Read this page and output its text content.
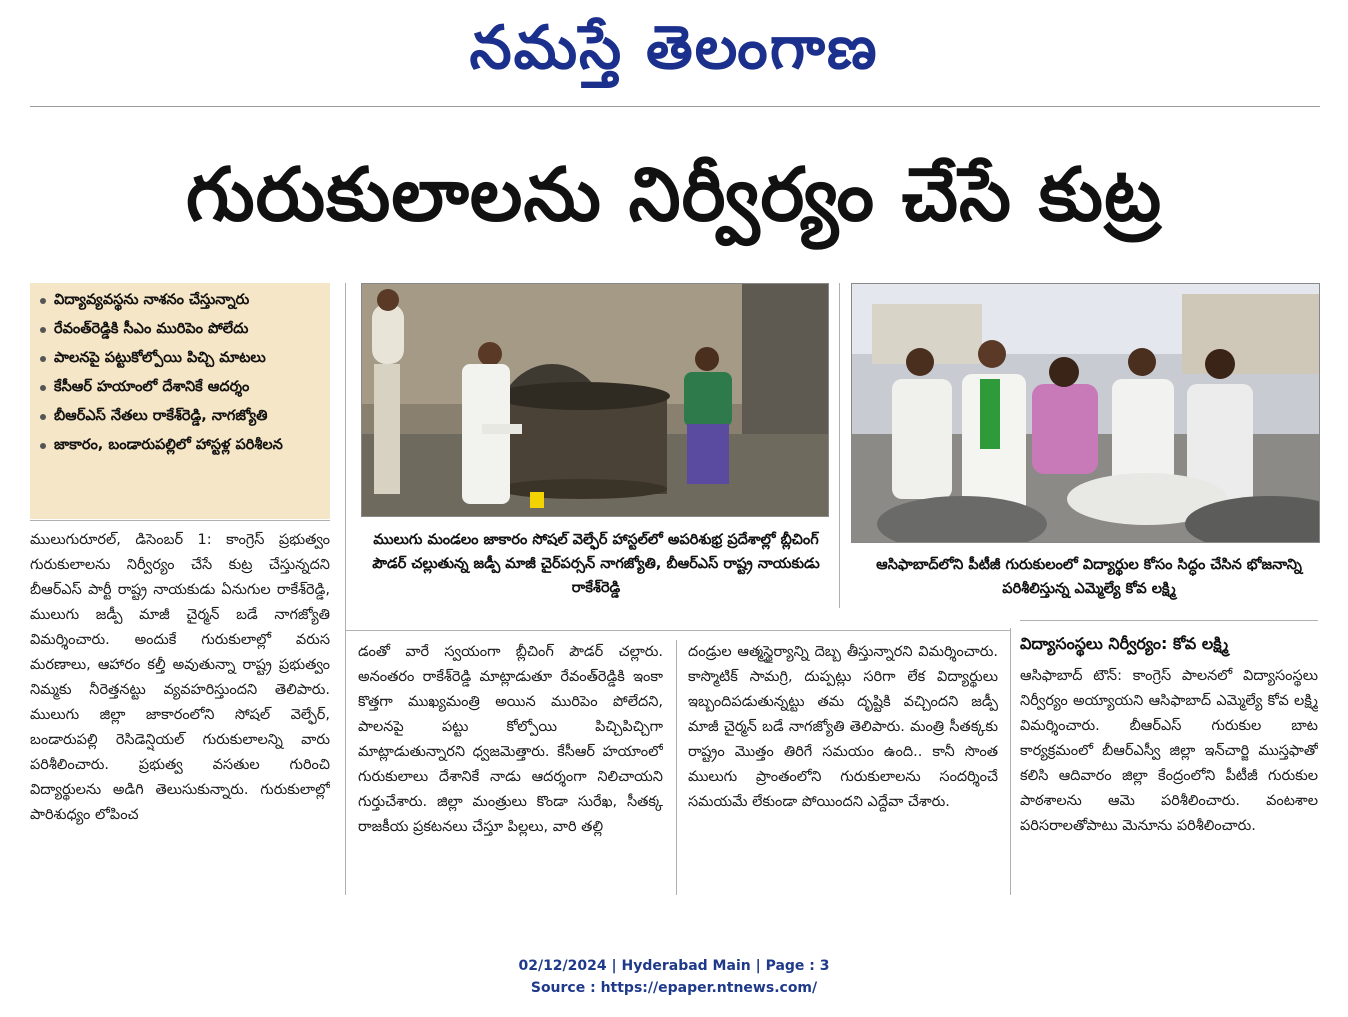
నమస్తే తెలంగాణ
గురుకులాలను నిర్వీర్యం చేసే కుట్ర
విద్యావ్యవస్థను నాశనం చేస్తున్నారు
రేవంత్‌రెడ్డికి సీఎం మురిపెం పోలేదు
పాలనపై పట్టుకోల్పోయి పిచ్చి మాటలు
కేసీఆర్‌ హయాంలో దేశానికే ఆదర్శం
బీఆర్‌ఎస్‌ నేతలు రాకేశ్‌రెడ్డి, నాగజ్యోతి
జాకారం, బండారుపల్లిలో హాస్టళ్ల పరిశీలన
ములుగు మండలం జాకారం సోషల్‌ వెల్ఫేర్‌ హాస్టల్‌లో అపరిశుభ్ర ప్రదేశాల్లో బ్లీచింగ్‌ పౌడర్‌ చల్లుతున్న జడ్పీ మాజీ చైర్‌పర్సన్‌ నాగజ్యోతి, బీఆర్‌ఎస్‌ రాష్ట్ర నాయకుడు రాకేశ్‌రెడ్డి
ఆసిఫాబాద్‌లోని పీటీజీ గురుకులంలో విద్యార్థుల కోసం సిద్ధం చేసిన భోజనాన్ని పరిశీలిస్తున్న ఎమ్మెల్యే కోవ లక్ష్మి

ములుగురూరల్‌, డిసెంబర్‌ 1: కాంగ్రెస్‌ ప్రభుత్వం గురుకులాలను నిర్వీర్యం చేసే కుట్ర చేస్తున్నదని బీఆర్‌ఎస్‌ పార్టీ రాష్ట్ర నాయకుడు ఏనుగుల రాకేశ్‌రెడ్డి, ములుగు జడ్పీ మాజీ చైర్మన్‌ బడే నాగజ్యోతి విమర్శించారు. అందుకే గురుకులాల్లో వరుస మరణాలు, ఆహారం కల్తీ అవుతున్నా రాష్ట్ర ప్రభుత్వం నిమ్మకు నీరెత్తనట్టు వ్యవహరిస్తుందని తెలిపారు. ములుగు జిల్లా జాకారంలోని సోషల్‌ వెల్ఫేర్‌, బండారుపల్లి రెసిడెన్షియల్‌ గురుకులాలన్ని వారు పరిశీలించారు. ప్రభుత్వ వసతుల గురించి విద్యార్థులను అడిగి తెలుసుకున్నారు. గురుకులాల్లో పారిశుధ్యం లోపించ

డంతో వారే స్వయంగా బ్లీచింగ్‌ పౌడర్‌ చల్లారు. అనంతరం రాకేశ్‌రెడ్డి మాట్లాడుతూ రేవంత్‌రెడ్డికి ఇంకా కొత్తగా ముఖ్యమంత్రి అయిన మురిపెం పోలేదని, పాలనపై పట్టు కోల్పోయి పిచ్చిపిచ్చిగా మాట్లాడుతున్నారని ధ్వజమెత్తారు. కేసీఆర్‌ హయాంలో గురుకులాలు దేశానికే నాడు ఆదర్శంగా నిలిచాయని గుర్తుచేశారు. జిల్లా మంత్రులు కొండా సురేఖ, సీతక్క రాజకీయ ప్రకటనలు చేస్తూ పిల్లలు, వారి తల్లి

దండ్రుల ఆత్మస్థైర్యాన్ని దెబ్బ తీస్తున్నారని విమర్శించారు. కాస్మొటిక్‌ సామగ్రి, దుప్పట్లు సరిగా లేక విద్యార్థులు ఇబ్బందిపడుతున్నట్టు తమ దృష్టికి వచ్చిందని జడ్పీ మాజీ చైర్మన్‌ బడే నాగజ్యోతి తెలిపారు. మంత్రి సీతక్కకు రాష్ట్రం మొత్తం తిరిగే సమయం ఉంది.. కానీ సొంత ములుగు ప్రాంతంలోని గురుకులాలను సందర్శించే సమయమే లేకుండా పోయిందని ఎద్దేవా చేశారు.

విద్యాసంస్థలు నిర్వీర్యం: కోవ లక్ష్మి

ఆసిఫాబాద్‌ టౌన్‌: కాంగ్రెస్‌ పాలనలో విద్యాసంస్థలు నిర్వీర్యం అయ్యాయని ఆసిఫాబాద్‌ ఎమ్మెల్యే కోవ లక్ష్మి విమర్శించారు. బీఆర్‌ఎస్‌ గురుకుల బాట కార్యక్రమంలో బీఆర్‌ఎస్వీ జిల్లా ఇన్‌చార్జి ముస్తఫాతో కలిసి ఆదివారం జిల్లా కేంద్రంలోని పీటీజీ గురుకుల పాఠశాలను ఆమె పరిశీలించారు. వంటశాల పరిసరాలతోపాటు మెనూను పరిశీలించారు.

02/12/2024 | Hyderabad Main | Page : 3
Source : https://epaper.ntnews.com/
